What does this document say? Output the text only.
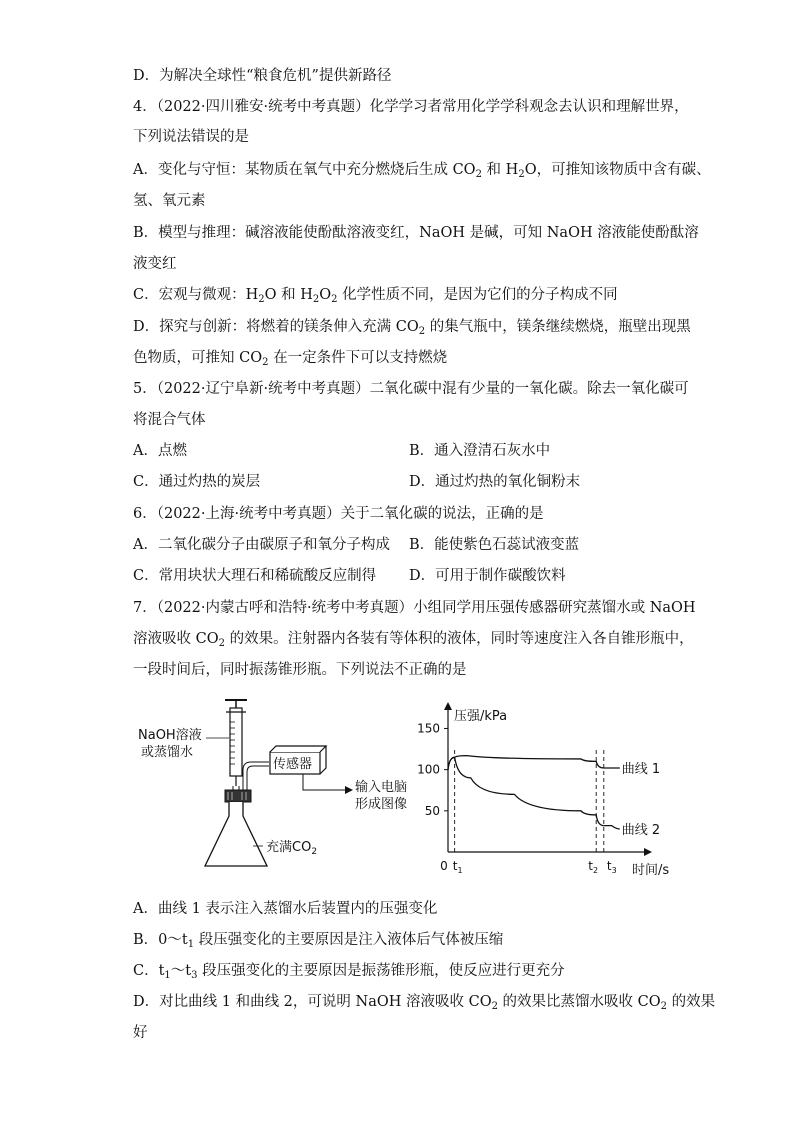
D．为解决全球性“粮食危机”提供新路径
4．（2022·四川雅安·统考中考真题）化学学习者常用化学学科观念去认识和理解世界，
下列说法错误的是
A．变化与守恒：某物质在氧气中充分燃烧后生成 $CO_2$ 和 $H_2O$，可推知该物质中含有碳、
氢、氧元素
B．模型与推理：碱溶液能使酚酞溶液变红，NaOH 是碱，可知 NaOH 溶液能使酚酞溶
液变红
C．宏观与微观：$H_2O$ 和 $H_2O_2$ 化学性质不同，是因为它们的分子构成不同
D．探究与创新：将燃着的镁条伸入充满 $CO_2$ 的集气瓶中，镁条继续燃烧，瓶壁出现黑
色物质，可推知 $CO_2$ 在一定条件下可以支持燃烧
5．（2022·辽宁阜新·统考中考真题）二氧化碳中混有少量的一氧化碳。除去一氧化碳可
将混合气体
A．点燃	B．通入澄清石灰水中
C．通过灼热的炭层	D．通过灼热的氧化铜粉末
6．（2022·上海·统考中考真题）关于二氧化碳的说法，正确的是
A．二氧化碳分子由碳原子和氧分子构成 B．能使紫色石蕊试液变蓝
C．常用块状大理石和稀硫酸反应制得 D．可用于制作碳酸饮料
7．（2022·内蒙古呼和浩特·统考中考真题）小组同学用压强传感器研究蒸馏水或 NaOH
溶液吸收 $CO_2$ 的效果。注射器内各装有等体积的液体，同时等速度注入各自锥形瓶中，
一段时间后，同时振荡锥形瓶。下列说法不正确的是
NaOH溶液
或蒸馏水
传感器
输入电脑
形成图像
充满$CO_2$
压强/kPa
50
100
150
0 $t_1$	$t_2$ $t_3$ 时间/s
曲线 1
曲线 2
A．曲线 1 表示注入蒸馏水后装置内的压强变化
B．$0\sim t_1$ 段压强变化的主要原因是注入液体后气体被压缩
C．$t_1\sim t_3$ 段压强变化的主要原因是振荡锥形瓶，使反应进行更充分
D．对比曲线 1 和曲线 2，可说明 NaOH 溶液吸收 $CO_2$ 的效果比蒸馏水吸收 $CO_2$ 的效果
好
